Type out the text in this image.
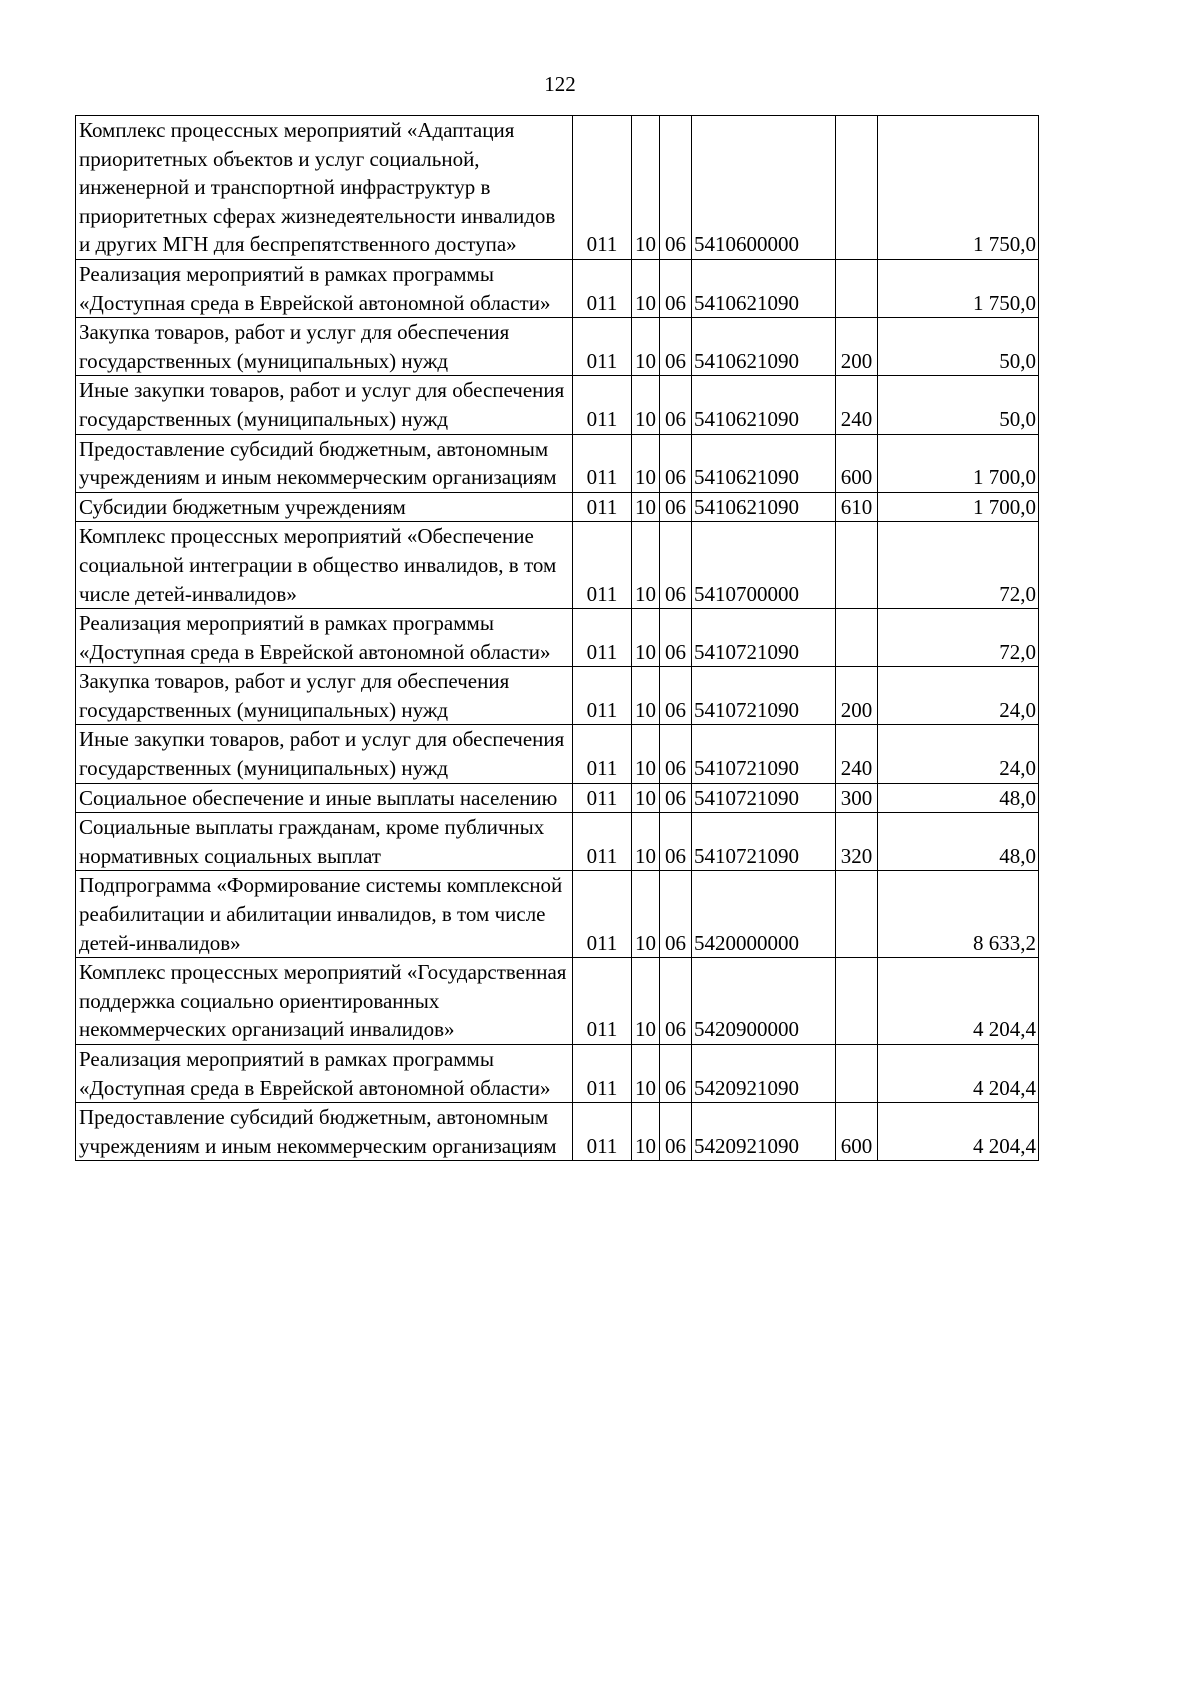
122
Комплекс процессных мероприятий «Адаптация приоритетных объектов и услуг социальной, инженерной и транспортной инфраструктур в приоритетных сферах жизнедеятельности инвалидов и других МГН для беспрепятственного доступа»	011	10	06	5410600000		1 750,0
Реализация мероприятий в рамках программы «Доступная среда в Еврейской автономной области»	011	10	06	5410621090		1 750,0
Закупка товаров, работ и услуг для обеспечения государственных (муниципальных) нужд	011	10	06	5410621090	200	50,0
Иные закупки товаров, работ и услуг для обеспечения государственных (муниципальных) нужд	011	10	06	5410621090	240	50,0
Предоставление субсидий бюджетным, автономным учреждениям и иным некоммерческим организациям	011	10	06	5410621090	600	1 700,0
Субсидии бюджетным учреждениям	011	10	06	5410621090	610	1 700,0
Комплекс процессных мероприятий «Обеспечение социальной интеграции в общество инвалидов, в том числе детей-инвалидов»	011	10	06	5410700000		72,0
Реализация мероприятий в рамках программы «Доступная среда в Еврейской автономной области»	011	10	06	5410721090		72,0
Закупка товаров, работ и услуг для обеспечения государственных (муниципальных) нужд	011	10	06	5410721090	200	24,0
Иные закупки товаров, работ и услуг для обеспечения государственных (муниципальных) нужд	011	10	06	5410721090	240	24,0
Социальное обеспечение и иные выплаты населению	011	10	06	5410721090	300	48,0
Социальные выплаты гражданам, кроме публичных нормативных социальных выплат	011	10	06	5410721090	320	48,0
Подпрограмма «Формирование системы комплексной реабилитации и абилитации инвалидов, в том числе детей-инвалидов»	011	10	06	5420000000		8 633,2
Комплекс процессных мероприятий «Государственная поддержка социально ориентированных некоммерческих организаций инвалидов»	011	10	06	5420900000		4 204,4
Реализация мероприятий в рамках программы «Доступная среда в Еврейской автономной области»	011	10	06	5420921090		4 204,4
Предоставление субсидий бюджетным, автономным учреждениям и иным некоммерческим организациям	011	10	06	5420921090	600	4 204,4
